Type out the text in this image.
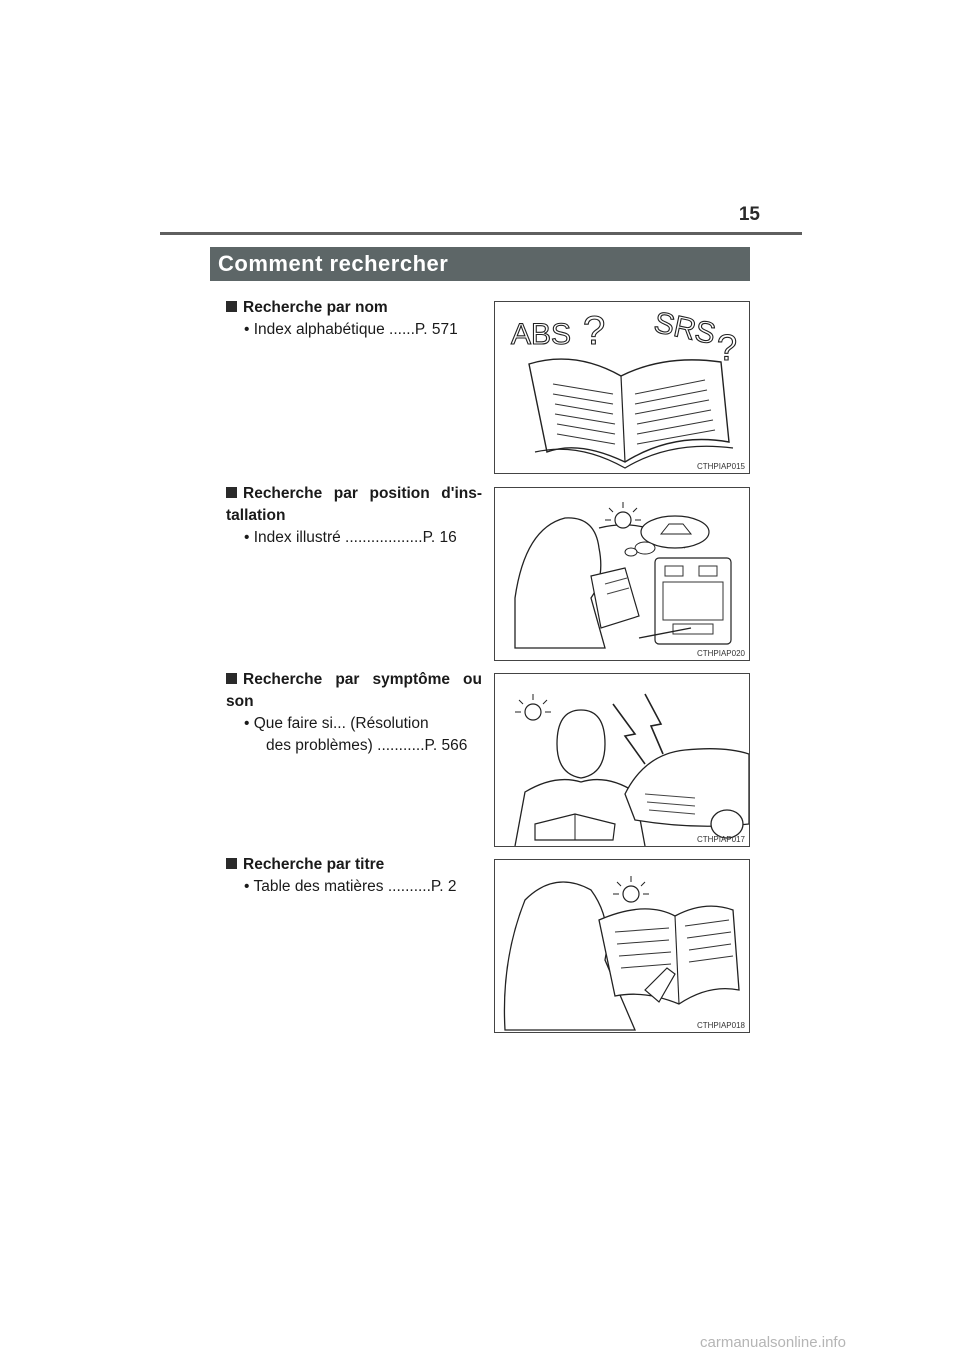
15
Comment rechercher
Recherche par nom
• Index alphabétique ......P. 571
Recherche par position d'ins-tallation
• Index illustré ..................P. 16
Recherche par symptôme ou son
• Que faire si... (Résolution
des problèmes) ...........P. 566
Recherche par titre
• Table des matières ..........P. 2
ABS ? SRS
?
CTHPIAP015
CTHPIAP020
CTHPIAP017
CTHPIAP018
carmanualsonline.info
